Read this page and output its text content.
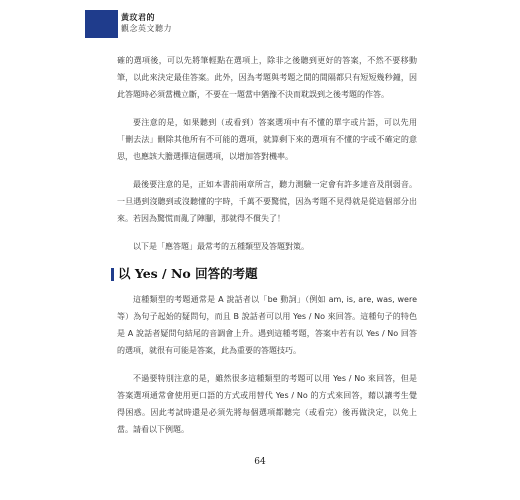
黃玟君的
觀念英文聽力

確的選項後，可以先將筆輕點在選項上，除非之後聽到更好的答案，不然不要移動筆，以此來決定最佳答案。此外，因為考題與考題之間的間隔都只有短短幾秒鐘，因此答題時必須當機立斷，不要在一題當中猶豫不決而耽誤到之後考題的作答。

要注意的是，如果聽到（或看到）答案選項中有不懂的單字或片語，可以先用「刪去法」刪除其他所有不可能的選項，就算剩下來的選項有不懂的字或不確定的意思，也應該大膽選擇這個選項，以增加答對機率。

最後要注意的是，正如本書前兩章所言，聽力測驗一定會有許多達音及削弱音。一旦遇到沒聽到或沒聽懂的字時，千萬不要驚慌，因為考題不見得就是從這個部分出來。若因為驚慌而亂了陣腳，那就得不償失了！

以下是「應答題」最常考的五種類型及答題對策。

以 Yes / No 回答的考題

這種類型的考題通常是 A 說話者以「be 動詞」（例如 am, is, are, was, were 等）為句子起始的疑問句，而且 B 說話者可以用 Yes / No 來回答。這種句子的特色是 A 說話者疑問句結尾的音調會上升。遇到這種考題，答案中若有以 Yes / No 回答的選項，就很有可能是答案，此為重要的答題技巧。

不過要特別注意的是，雖然很多這種類型的考題可以用 Yes / No 來回答，但是答案選項通常會使用更口語的方式或用替代 Yes / No 的方式來回答，藉以讓考生覺得困惑。因此考試時還是必須先將每個選項都聽完（或看完）後再做決定，以免上當。請看以下例題。

64
